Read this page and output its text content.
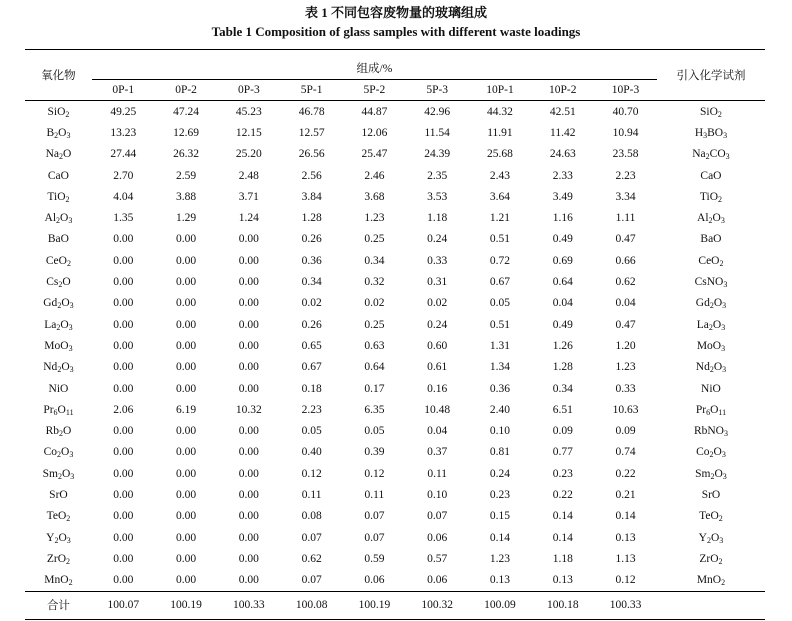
表 1 不同包容废物量的玻璃组成
Table 1 Composition of glass samples with different waste loadings
氧化物	组成/%									引入化学试剂
	0P-1	0P-2	0P-3	5P-1	5P-2	5P-3	10P-1	10P-2	10P-3	
SiO$_2$	49.25	47.24	45.23	46.78	44.87	42.96	44.32	42.51	40.70	SiO$_2$
$B_2O_3$	13.23	12.69	12.15	12.57	12.06	11.54	11.91	11.42	10.94	$H_3BO_3$
$Na_2O$	27.44	26.32	25.20	26.56	25.47	24.39	25.68	24.63	23.58	$Na_2CO_3$
CaO	2.70	2.59	2.48	2.56	2.46	2.35	2.43	2.33	2.23	CaO
TiO$_2$	4.04	3.88	3.71	3.84	3.68	3.53	3.64	3.49	3.34	TiO$_2$
$Al_2O_3$	1.35	1.29	1.24	1.28	1.23	1.18	1.21	1.16	1.11	$Al_2O_3$
BaO	0.00	0.00	0.00	0.26	0.25	0.24	0.51	0.49	0.47	BaO
CeO$_2$	0.00	0.00	0.00	0.36	0.34	0.33	0.72	0.69	0.66	CeO$_2$
$Cs_2O$	0.00	0.00	0.00	0.34	0.32	0.31	0.67	0.64	0.62	CsNO$_3$
$Gd_2O_3$	0.00	0.00	0.00	0.02	0.02	0.02	0.05	0.04	0.04	$Gd_2O_3$
$La_2O_3$	0.00	0.00	0.00	0.26	0.25	0.24	0.51	0.49	0.47	$La_2O_3$
MoO$_3$	0.00	0.00	0.00	0.65	0.63	0.60	1.31	1.26	1.20	MoO$_3$
$Nd_2O_3$	0.00	0.00	0.00	0.67	0.64	0.61	1.34	1.28	1.23	$Nd_2O_3$
NiO	0.00	0.00	0.00	0.18	0.17	0.16	0.36	0.34	0.33	NiO
$Pr_6O_{11}$	2.06	6.19	10.32	2.23	6.35	10.48	2.40	6.51	10.63	$Pr_6O_{11}$
$Rb_2O$	0.00	0.00	0.00	0.05	0.05	0.04	0.10	0.09	0.09	RbNO$_3$
$Co_2O_3$	0.00	0.00	0.00	0.40	0.39	0.37	0.81	0.77	0.74	$Co_2O_3$
$Sm_2O_3$	0.00	0.00	0.00	0.12	0.12	0.11	0.24	0.23	0.22	$Sm_2O_3$
SrO	0.00	0.00	0.00	0.11	0.11	0.10	0.23	0.22	0.21	SrO
TeO$_2$	0.00	0.00	0.00	0.08	0.07	0.07	0.15	0.14	0.14	TeO$_2$
$Y_2O_3$	0.00	0.00	0.00	0.07	0.07	0.06	0.14	0.14	0.13	$Y_2O_3$
ZrO$_2$	0.00	0.00	0.00	0.62	0.59	0.57	1.23	1.18	1.13	ZrO$_2$
MnO$_2$	0.00	0.00	0.00	0.07	0.06	0.06	0.13	0.13	0.12	MnO$_2$
合计	100.07	100.19	100.33	100.08	100.19	100.32	100.09	100.18	100.33	
